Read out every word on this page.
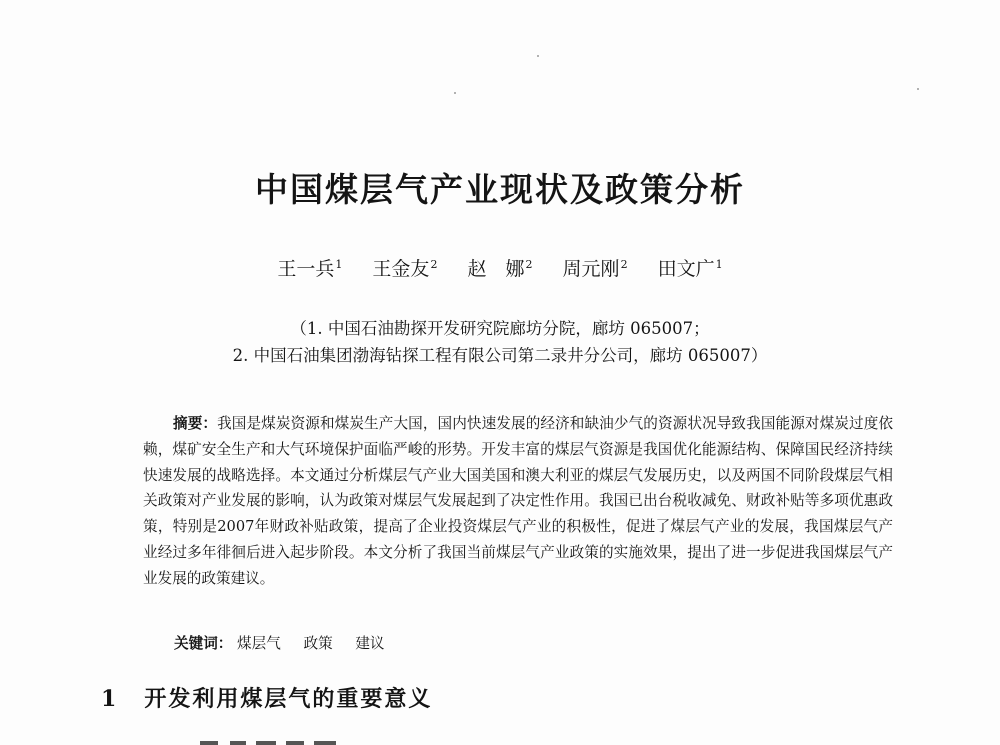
中国煤层气产业现状及政策分析
王一兵$^1$ 王金友$^2$ 赵　娜$^2$ 周元刚$^2$ 田文广$^1$
（1. 中国石油勘探开发研究院廊坊分院，廊坊 065007；
2. 中国石油集团渤海钻探工程有限公司第二录井分公司，廊坊 065007）

摘要：我国是煤炭资源和煤炭生产大国，国内快速发展的经济和缺油少气的资源状况导致我国能源对煤炭过度依赖，煤矿安全生产和大气环境保护面临严峻的形势。开发丰富的煤层气资源是我国优化能源结构、保障国民经济持续快速发展的战略选择。本文通过分析煤层气产业大国美国和澳大利亚的煤层气发展历史，以及两国不同阶段煤层气相关政策对产业发展的影响，认为政策对煤层气发展起到了决定性作用。我国已出台税收减免、财政补贴等多项优惠政策，特别是2007年财政补贴政策，提高了企业投资煤层气产业的积极性，促进了煤层气产业的发展，我国煤层气产业经过多年徘徊后进入起步阶段。本文分析了我国当前煤层气产业政策的实施效果，提出了进一步促进我国煤层气产业发展的政策建议。

关键词： 煤层气 政策 建议
1 开发利用煤层气的重要意义
